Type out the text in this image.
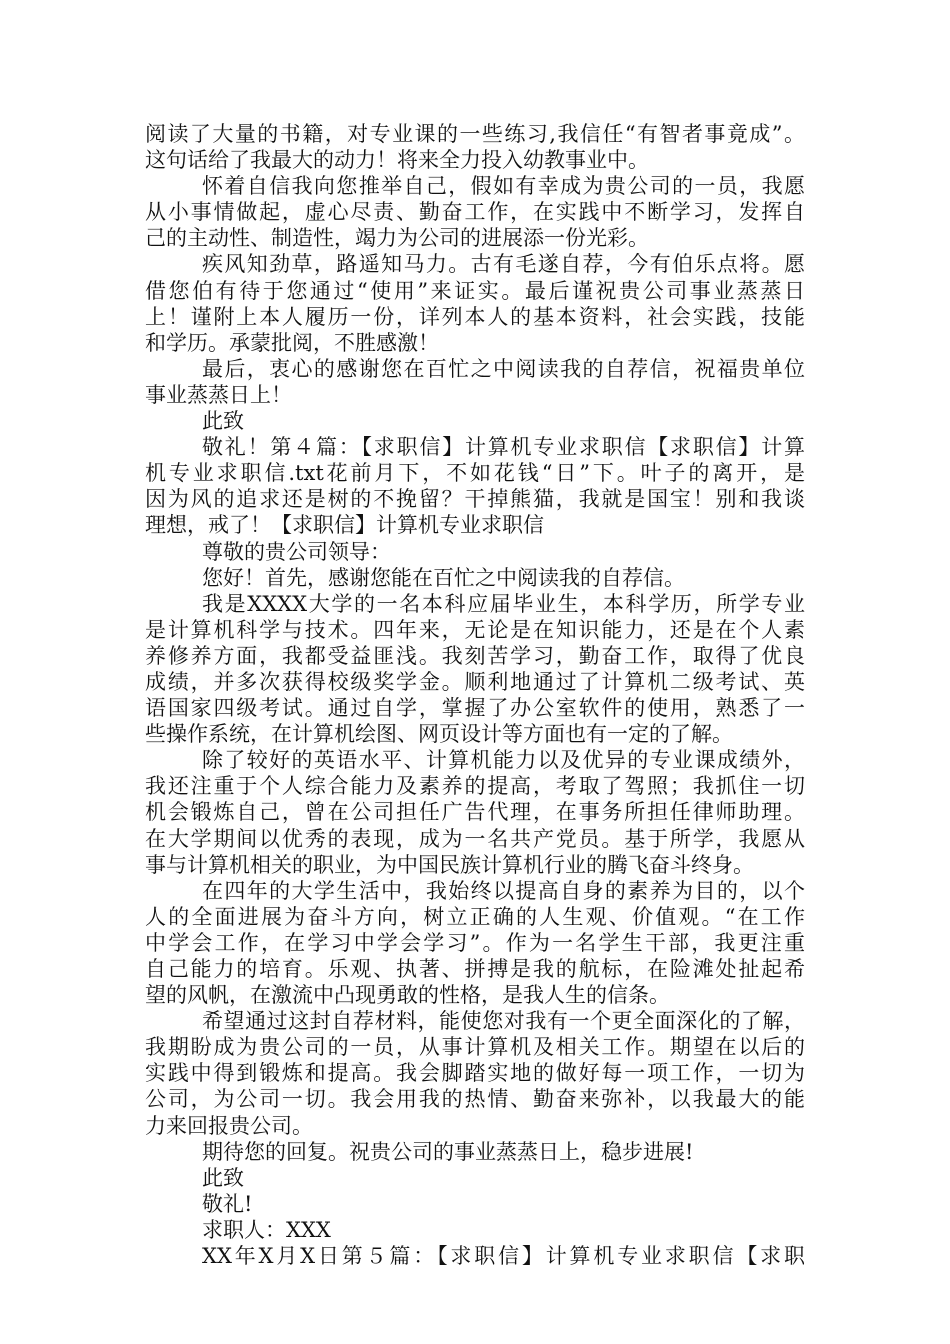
阅读了大量的书籍，对专业课的一些练习,我信任“有智者事竟成”。
这句话给了我最大的动力！将来全力投入幼教事业中。
怀着自信我向您推举自己，假如有幸成为贵公司的一员，我愿
从小事情做起，虚心尽责、勤奋工作，在实践中不断学习，发挥自
己的主动性、制造性，竭力为公司的进展添一份光彩。
疾风知劲草，路遥知马力。古有毛遂自荐，今有伯乐点将。愿
借您伯有待于您通过“使用”来证实。最后谨祝贵公司事业蒸蒸日
上！谨附上本人履历一份，详列本人的基本资料，社会实践，技能
和学历。承蒙批阅，不胜感激！
最后，衷心的感谢您在百忙之中阅读我的自荐信，祝福贵单位
事业蒸蒸日上！
此致
敬礼！第４篇：【求职信】计算机专业求职信【求职信】计算
机专业求职信.txt花前月下，不如花钱“日”下。叶子的离开，是
因为风的追求还是树的不挽留？干掉熊猫，我就是国宝！别和我谈
理想，戒了！【求职信】计算机专业求职信
尊敬的贵公司领导：
您好！首先，感谢您能在百忙之中阅读我的自荐信。
我是XXXX大学的一名本科应届毕业生，本科学历，所学专业
是计算机科学与技术。四年来，无论是在知识能力，还是在个人素
养修养方面，我都受益匪浅。我刻苦学习，勤奋工作，取得了优良
成绩，并多次获得校级奖学金。顺利地通过了计算机二级考试、英
语国家四级考试。通过自学，掌握了办公室软件的使用，熟悉了一
些操作系统，在计算机绘图、网页设计等方面也有一定的了解。
除了较好的英语水平、计算机能力以及优异的专业课成绩外，
我还注重于个人综合能力及素养的提高，考取了驾照；我抓住一切
机会锻炼自己，曾在公司担任广告代理，在事务所担任律师助理。
在大学期间以优秀的表现，成为一名共产党员。基于所学，我愿从
事与计算机相关的职业，为中国民族计算机行业的腾飞奋斗终身。
在四年的大学生活中，我始终以提高自身的素养为目的，以个
人的全面进展为奋斗方向，树立正确的人生观、价值观。“在工作
中学会工作，在学习中学会学习”。作为一名学生干部，我更注重
自己能力的培育。乐观、执著、拼搏是我的航标，在险滩处扯起希
望的风帆，在激流中凸现勇敢的性格，是我人生的信条。
希望通过这封自荐材料，能使您对我有一个更全面深化的了解，
我期盼成为贵公司的一员，从事计算机及相关工作。期望在以后的
实践中得到锻炼和提高。我会脚踏实地的做好每一项工作，一切为
公司，为公司一切。我会用我的热情、勤奋来弥补，以我最大的能
力来回报贵公司。
期待您的回复。祝贵公司的事业蒸蒸日上，稳步进展!
此致
敬礼!
求职人：XXX
XX年X月X日第５篇：【求职信】计算机专业求职信【求职
